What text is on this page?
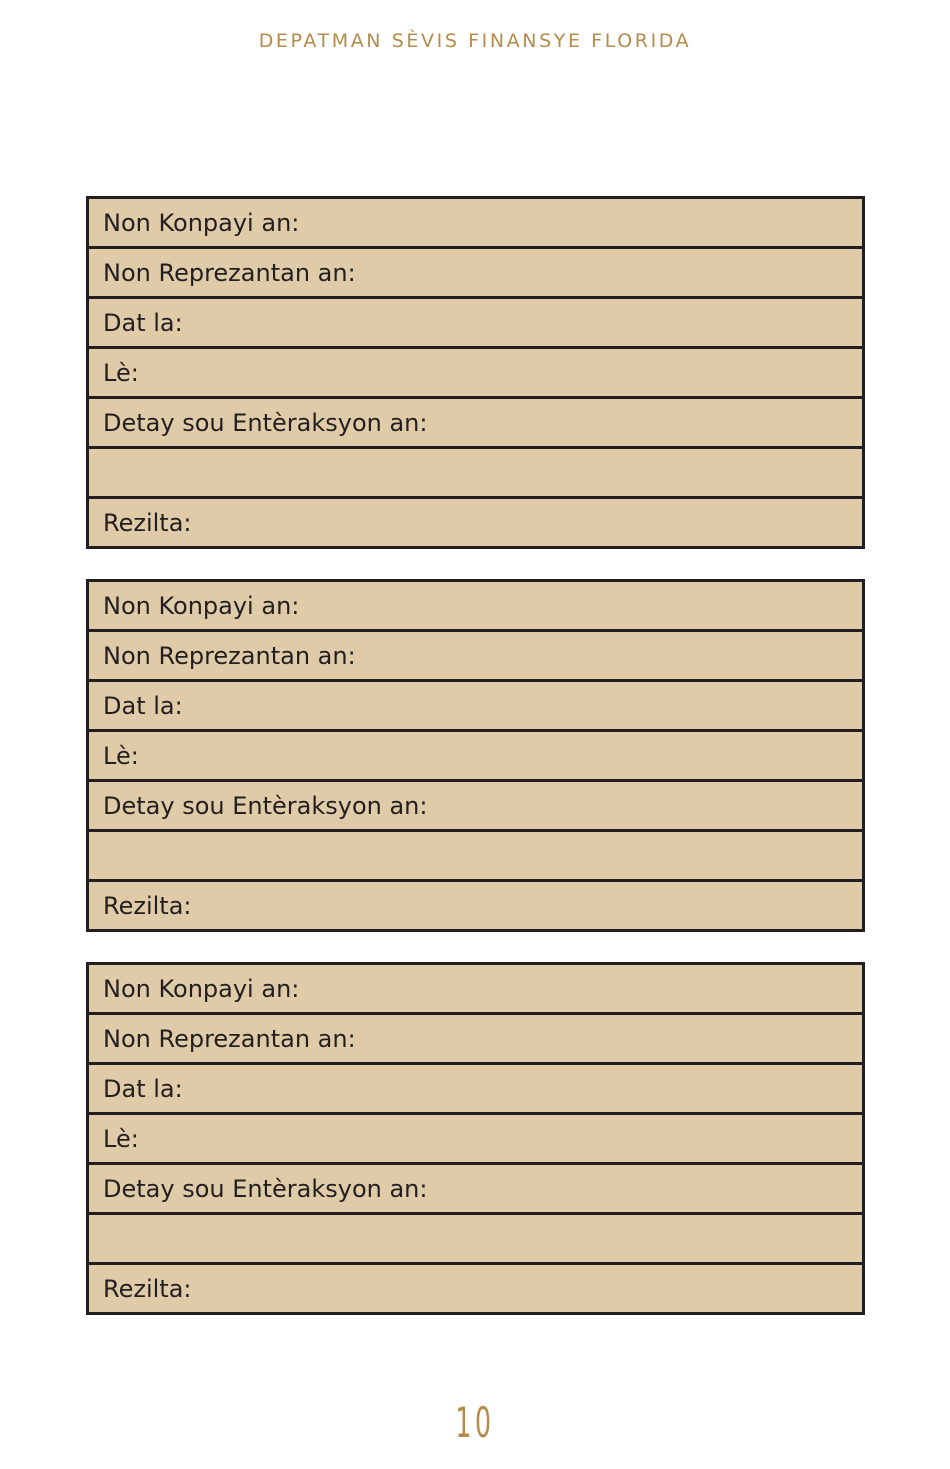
DEPATMAN SÈVIS FINANSYE FLORIDA
Non Konpayi an:
Non Reprezantan an:
Dat la:
Lè:
Detay sou Entèraksyon an:
Rezilta:
Non Konpayi an:
Non Reprezantan an:
Dat la:
Lè:
Detay sou Entèraksyon an:
Rezilta:
Non Konpayi an:
Non Reprezantan an:
Dat la:
Lè:
Detay sou Entèraksyon an:
Rezilta:
10
